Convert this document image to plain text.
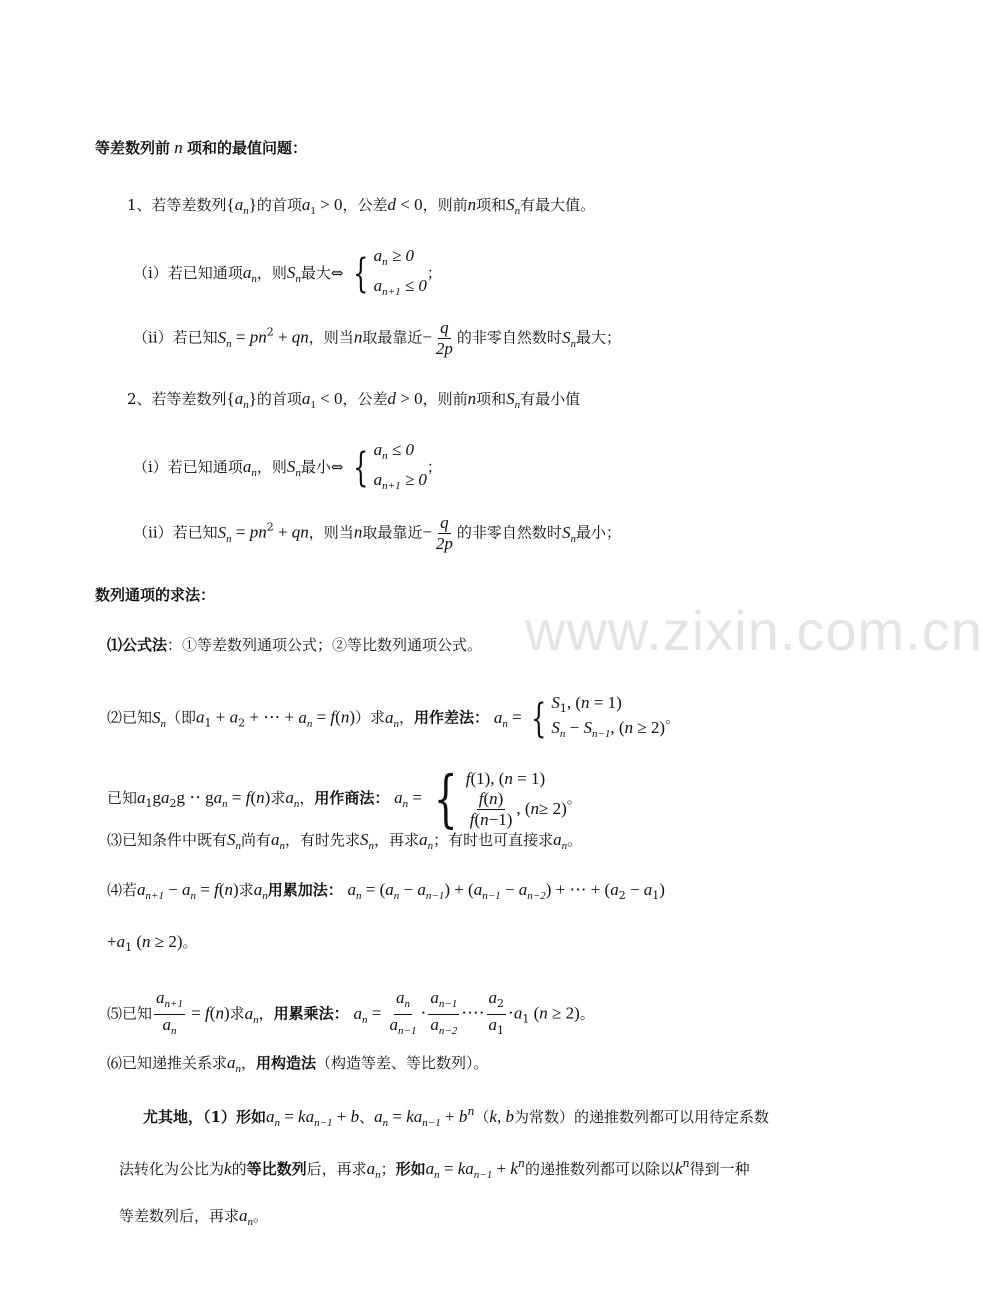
www.zixin.com.cn
等差数列前 n 项和的最值问题：
1、若等差数列$\{a_n\}$的首项$a_1 > 0$，公差d < 0，则前n项和$S_n$有最大值。
（ⅰ）若已知通项$a_n$，则$S_n$最大⇔ { $a_n \ge 0$
$a_{n+1} \le 0$
；
（ⅱ）若已知$S_n = pn^2$ + qn，则当n取最靠近− $\frac{q}{2p}$ 的非零自然数时$S_n$最大；
2、若等差数列$\{a_n\}$的首项$a_1 < 0$，公差d > 0，则前n项和$S_n$有最小值
（ⅰ）若已知通项$a_n$，则$S_n$最小⇔ { $a_n \le 0$
$a_{n+1} \ge 0$
；
（ⅱ）若已知$S_n = pn^2$ + qn，则当n取最靠近− $\frac{q}{2p}$ 的非零自然数时$S_n$最小；
数列通项的求法：
⑴公式法：①等差数列通项公式；②等比数列通项公式。
⑵已知$S_n$（即$a_1 + a_2$ + ⋯ + $a_n = f(n)$）求$a_n$，用作差法： $a_n$ = { $S_1$, (n = 1)
$S_n - S_{n-1}$, (n ≥ 2)
。
已知$a_1ga_2g \cdot\cdot ga_n = f(n)$求$a_n$，用作商法： $a_n$ = { f(1), (n = 1)
$\frac{f(n)}{f(n-1)}$ , ( n ≥ 2)
。
⑶已知条件中既有$S_n$尚有$a_n$，有时先求$S_n$，再求$a_n$；有时也可直接求$a_n$。
⑷若$a_{n+1} - a_n = f(n)$求$a_n$用累加法： $a_n = (a_n - a_{n-1}) + (a_{n-1} - a_{n-2})$ + ⋯ + $(a_2 - a_1)$
$+a_1$ (n ≥ 2)。
⑸已知 $\frac{a_{n+1}}{a_n} = f(n)$求$a_n$，用累乘法： $a_n = \frac{a_n}{a_{n-1}} \cdot \frac{a_{n-1}}{a_{n-2}}$ ⋅⋅⋅⋅ $\frac{a_2}{a_1} \cdot a_1$ (n ≥ 2)。
⑹已知递推关系求$a_n$，用构造法（构造等差、等比数列）。
尤其地，（1）形如$a_n = ka_{n-1} + b$、$a_n = ka_{n-1} + b^n(k$, b为常数）的递推数列都可以用待定系数
法转化为公比为k的等比数列后，再求$a_n$；形如$a_n = ka_{n-1} + k^n$的递推数列都可以除以$k^n$得到一种
等差数列后，再求$a_n$。
